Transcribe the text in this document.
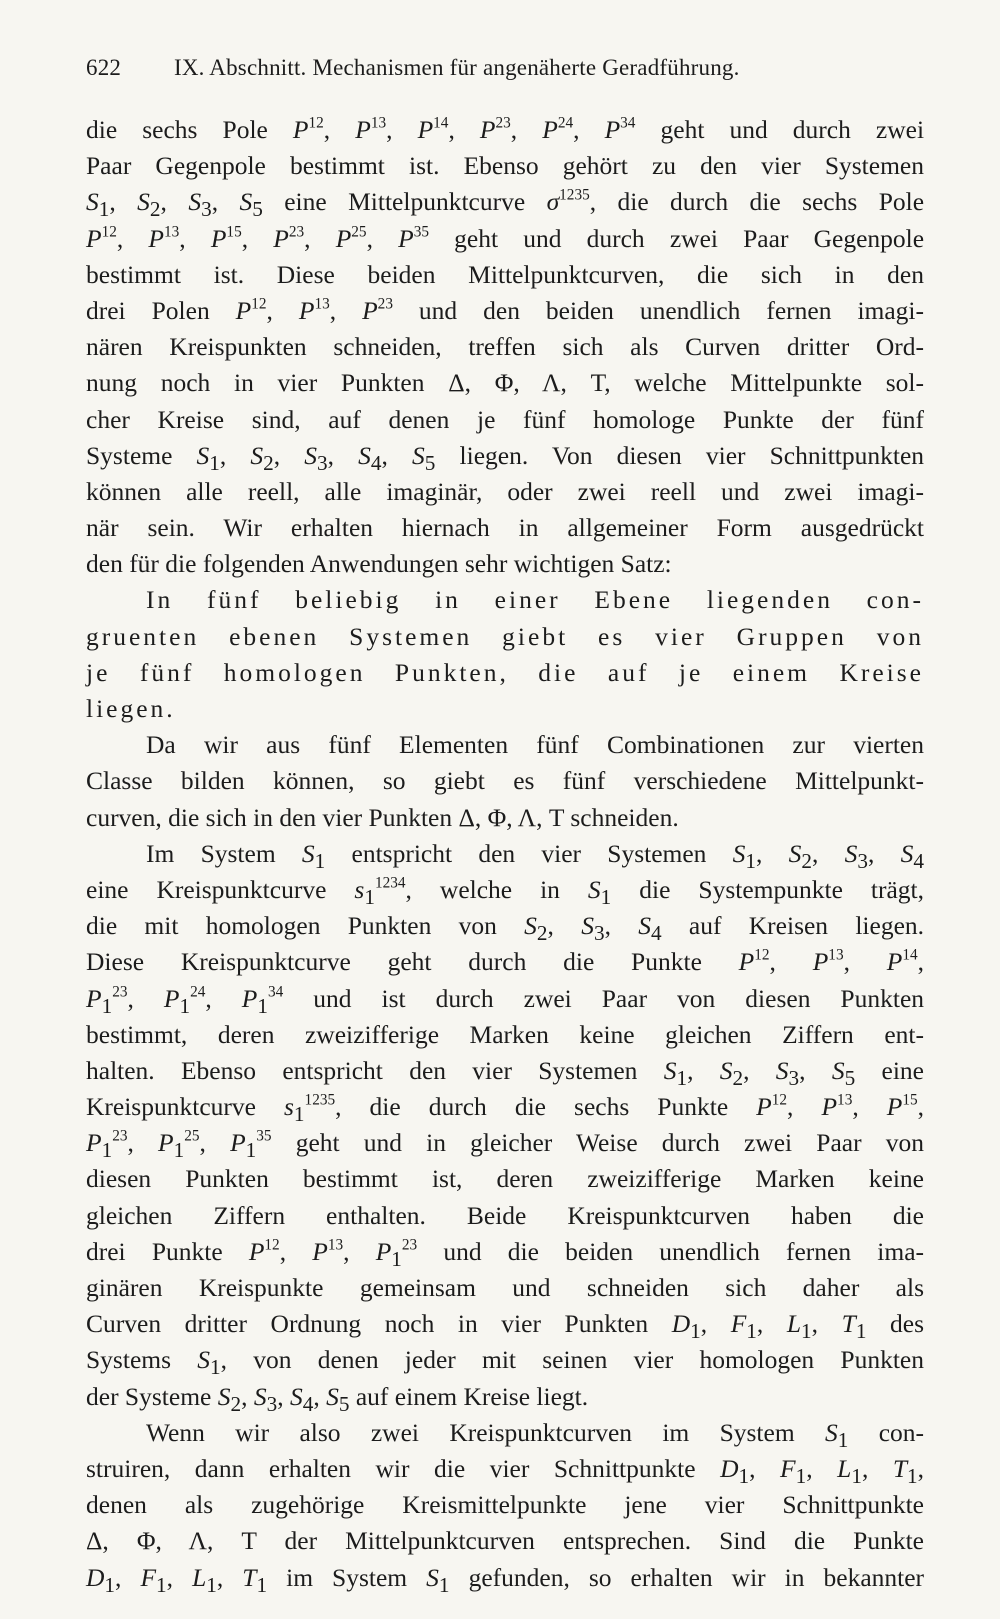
622 IX. Abschnitt. Mechanismen für angenäherte Geradführung.
die sechs Pole $P^{12}$, $P^{13}$, $P^{14}$, $P^{23}$, $P^{24}$, $P^{34}$ geht und durch zwei
Paar Gegenpole bestimmt ist. Ebenso gehört zu den vier Systemen
$S_1$, $S_2$, $S_3$, $S_5$ eine Mittelpunktcurve $\sigma^{1235}$, die durch die sechs Pole
$P^{12}$, $P^{13}$, $P^{15}$, $P^{23}$, $P^{25}$, $P^{35}$ geht und durch zwei Paar Gegenpole
bestimmt ist. Diese beiden Mittelpunktcurven, die sich in den
drei Polen $P^{12}$, $P^{13}$, $P^{23}$ und den beiden unendlich fernen imagi-
nären Kreispunkten schneiden, treffen sich als Curven dritter Ord-
nung noch in vier Punkten Δ, Φ, Λ, T, welche Mittelpunkte sol-
cher Kreise sind, auf denen je fünf homologe Punkte der fünf
Systeme $S_1$, $S_2$, $S_3$, $S_4$, $S_5$ liegen. Von diesen vier Schnittpunkten
können alle reell, alle imaginär, oder zwei reell und zwei imagi-
när sein. Wir erhalten hiernach in allgemeiner Form ausgedrückt
den für die folgenden Anwendungen sehr wichtigen Satz:
In fünf beliebig in einer Ebene liegenden con-
gruenten ebenen Systemen giebt es vier Gruppen von
je fünf homologen Punkten, die auf je einem Kreise
liegen.
Da wir aus fünf Elementen fünf Combinationen zur vierten
Classe bilden können, so giebt es fünf verschiedene Mittelpunkt-
curven, die sich in den vier Punkten Δ, Φ, Λ, T schneiden.
Im System $S_1$ entspricht den vier Systemen $S_1$, $S_2$, $S_3$, $S_4$
eine Kreispunktcurve $s_1^{1234}$, welche in $S_1$ die Systempunkte trägt,
die mit homologen Punkten von $S_2$, $S_3$, $S_4$ auf Kreisen liegen.
Diese Kreispunktcurve geht durch die Punkte $P^{12}$, $P^{13}$, $P^{14}$,
$P_1^{23}$, $P_1^{24}$, $P_1^{34}$ und ist durch zwei Paar von diesen Punkten
bestimmt, deren zweizifferige Marken keine gleichen Ziffern ent-
halten. Ebenso entspricht den vier Systemen $S_1$, $S_2$, $S_3$, $S_5$ eine
Kreispunktcurve $s_1^{1235}$, die durch die sechs Punkte $P^{12}$, $P^{13}$, $P^{15}$,
$P_1^{23}$, $P_1^{25}$, $P_1^{35}$ geht und in gleicher Weise durch zwei Paar von
diesen Punkten bestimmt ist, deren zweizifferige Marken keine
gleichen Ziffern enthalten. Beide Kreispunktcurven haben die
drei Punkte $P^{12}$, $P^{13}$, $P_1^{23}$ und die beiden unendlich fernen ima-
ginären Kreispunkte gemeinsam und schneiden sich daher als
Curven dritter Ordnung noch in vier Punkten $D_1$, $F_1$, $L_1$, $T_1$ des
Systems $S_1$, von denen jeder mit seinen vier homologen Punkten
der Systeme $S_2$, $S_3$, $S_4$, $S_5$ auf einem Kreise liegt.
Wenn wir also zwei Kreispunktcurven im System $S_1$ con-
struiren, dann erhalten wir die vier Schnittpunkte $D_1$, $F_1$, $L_1$, $T_1$,
denen als zugehörige Kreismittelpunkte jene vier Schnittpunkte
Δ, Φ, Λ, T der Mittelpunktcurven entsprechen. Sind die Punkte
$D_1$, $F_1$, $L_1$, $T_1$ im System $S_1$ gefunden, so erhalten wir in bekannter
